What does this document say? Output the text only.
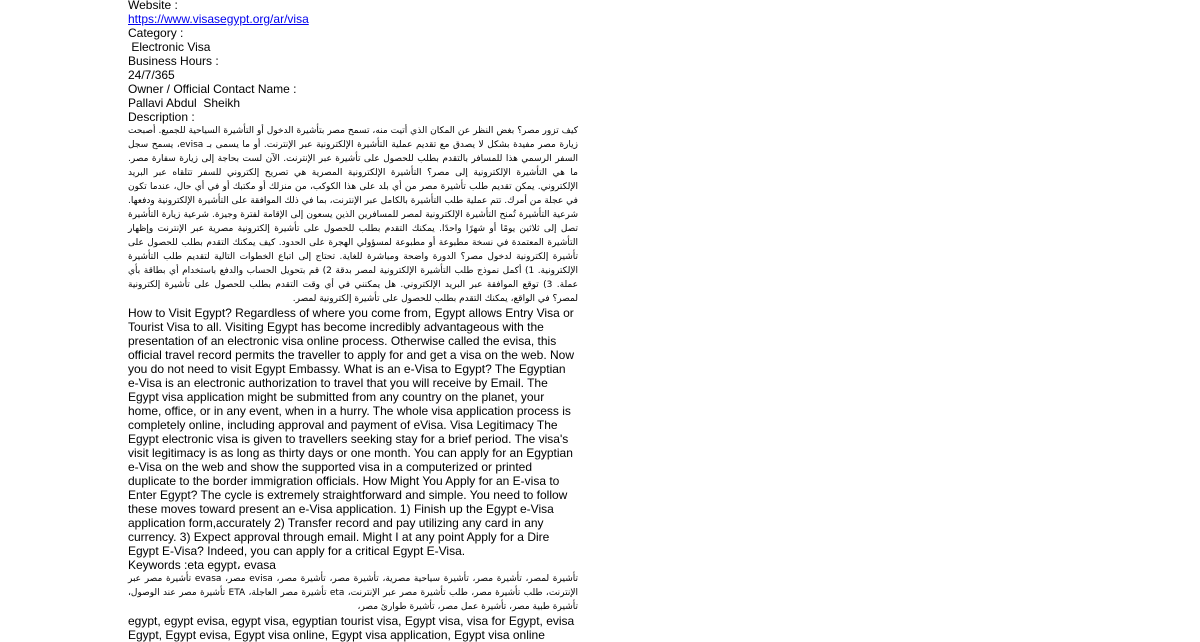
Website :
https://www.visasegypt.org/ar/visa
Category :
Electronic Visa
Business Hours :
24/7/365
Owner / Official Contact Name :
Pallavi Abdul  Sheikh
Description :
كيف تزور مصر؟ بغض النظر عن المكان الذي أتيت منه، تسمح مصر بتأشيرة الدخول أو التأشيرة السياحية للجميع. أصبحت زيارة مصر مفيدة بشكل لا يصدق مع تقديم عملية التأشيرة الإلكترونية عبر الإنترنت. أو ما يسمى بـ evisa، يسمح سجل السفر الرسمي هذا للمسافر بالتقدم بطلب للحصول على تأشيرة عبر الإنترنت. الآن لست بحاجة إلى زيارة سفارة مصر. ما هي التأشيرة الإلكترونية إلى مصر؟ التأشيرة الإلكترونية المصرية هي تصريح إلكتروني للسفر تتلقاه عبر البريد الإلكتروني. يمكن تقديم طلب تأشيرة مصر من أي بلد على هذا الكوكب، من منزلك أو مكتبك أو في أي حال، عندما تكون في عجلة من أمرك. تتم عملية طلب التأشيرة بالكامل عبر الإنترنت، بما في ذلك الموافقة على التأشيرة الإلكترونية ودفعها. شرعية التأشيرة تُمنح التأشيرة الإلكترونية لمصر للمسافرين الذين يسعون إلى الإقامة لفترة وجيزة. شرعية زيارة التأشيرة تصل إلى ثلاثين يومًا أو شهرًا واحدًا. يمكنك التقدم بطلب للحصول على تأشيرة إلكترونية مصرية عبر الإنترنت وإظهار التأشيرة المعتمدة في نسخة مطبوعة أو مطبوعة لمسؤولي الهجرة على الحدود. كيف يمكنك التقدم بطلب للحصول على تأشيرة إلكترونية لدخول مصر؟ الدورة واضحة ومباشرة للغاية. تحتاج إلى اتباع الخطوات التالية لتقديم طلب التأشيرة الإلكترونية. 1) أكمل نموذج طلب التأشيرة الإلكترونية لمصر بدقة 2) قم بتحويل الحساب والدفع باستخدام أي بطاقة بأي عملة. 3) توقع الموافقة عبر البريد الإلكتروني. هل يمكنني في أي وقت التقدم بطلب للحصول على تأشيرة إلكترونية لمصر؟ في الواقع، يمكنك التقدم بطلب للحصول على تأشيرة إلكترونية لمصر.
How to Visit Egypt? Regardless of where you come from, Egypt allows Entry Visa or Tourist Visa to all. Visiting Egypt has become incredibly advantageous with the presentation of an electronic visa online process. Otherwise called the evisa, this official travel record permits the traveller to apply for and get a visa on the web. Now you do not need to visit Egypt Embassy. What is an e-Visa to Egypt? The Egyptian e-Visa is an electronic authorization to travel that you will receive by Email. The Egypt visa application might be submitted from any country on the planet, your home, office, or in any event, when in a hurry. The whole visa application process is completely online, including approval and payment of eVisa. Visa Legitimacy The Egypt electronic visa is given to travellers seeking stay for a brief period. The visa's visit legitimacy is as long as thirty days or one month. You can apply for an Egyptian e-Visa on the web and show the supported visa in a computerized or printed duplicate to the border immigration officials. How Might You Apply for an E-visa to Enter Egypt? The cycle is extremely straightforward and simple. You need to follow these moves toward present an e-Visa application. 1) Finish up the Egypt e-Visa application form,accurately 2) Transfer record and pay utilizing any card in any currency. 3) Expect approval through email. Might I at any point Apply for a Dire Egypt E-Visa? Indeed, you can apply for a critical Egypt E-Visa.
Keywords :eta egypt، evasa
تأشيرة لمصر، تأشيرة مصر، تأشيرة سياحية مصرية، تأشيرة مصر، تأشيرة مصر، evisa مصر، evasa تأشيرة مصر عبر الإنترنت، طلب تأشيرة مصر، طلب تأشيرة مصر عبر الإنترنت، eta تأشيرة مصر العاجلة، ETA تأشيرة مصر عند الوصول، تأشيرة طبية مصر، تأشيرة عمل مصر، تأشيرة طوارئ مصر،
egypt, egypt evisa, egypt visa, egyptian tourist visa, Egypt visa, visa for Egypt, evisa Egypt, Egypt evisa, Egypt visa online, Egypt visa application, Egypt visa online
